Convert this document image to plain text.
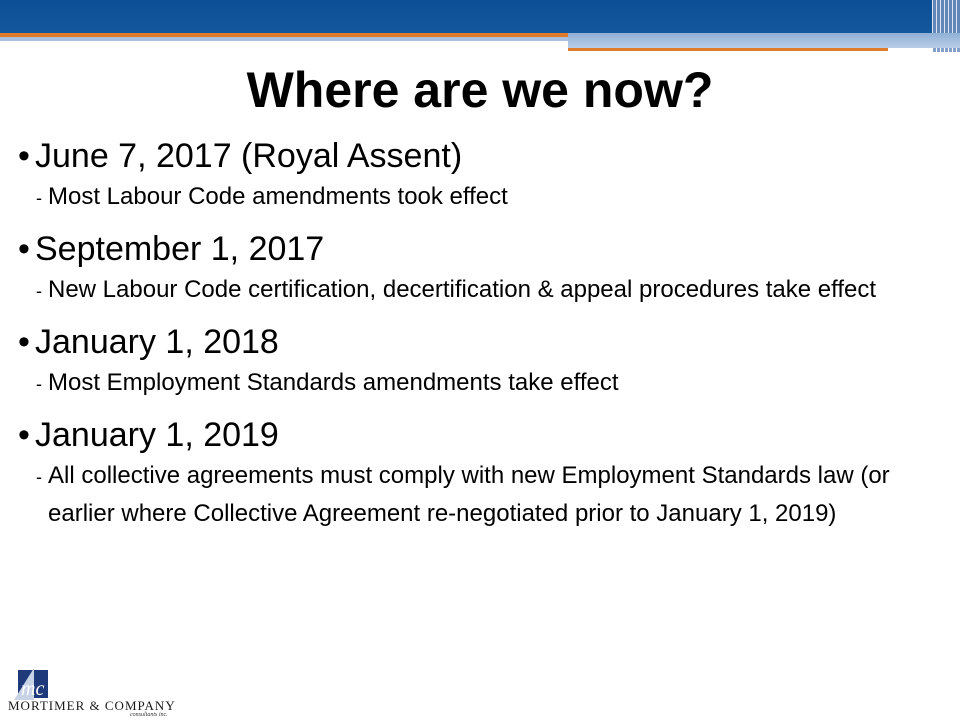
Where are we now?
• June 7, 2017 (Royal Assent)
- Most Labour Code amendments took effect
• September 1, 2017
- New Labour Code certification, decertification & appeal procedures take effect
• January 1, 2018
- Most Employment Standards amendments take effect
• January 1, 2019
- All collective agreements must comply with new Employment Standards law (or earlier where Collective Agreement re-negotiated prior to January 1, 2019)
mc
MORTIMER & COMPANY
consultants inc.
